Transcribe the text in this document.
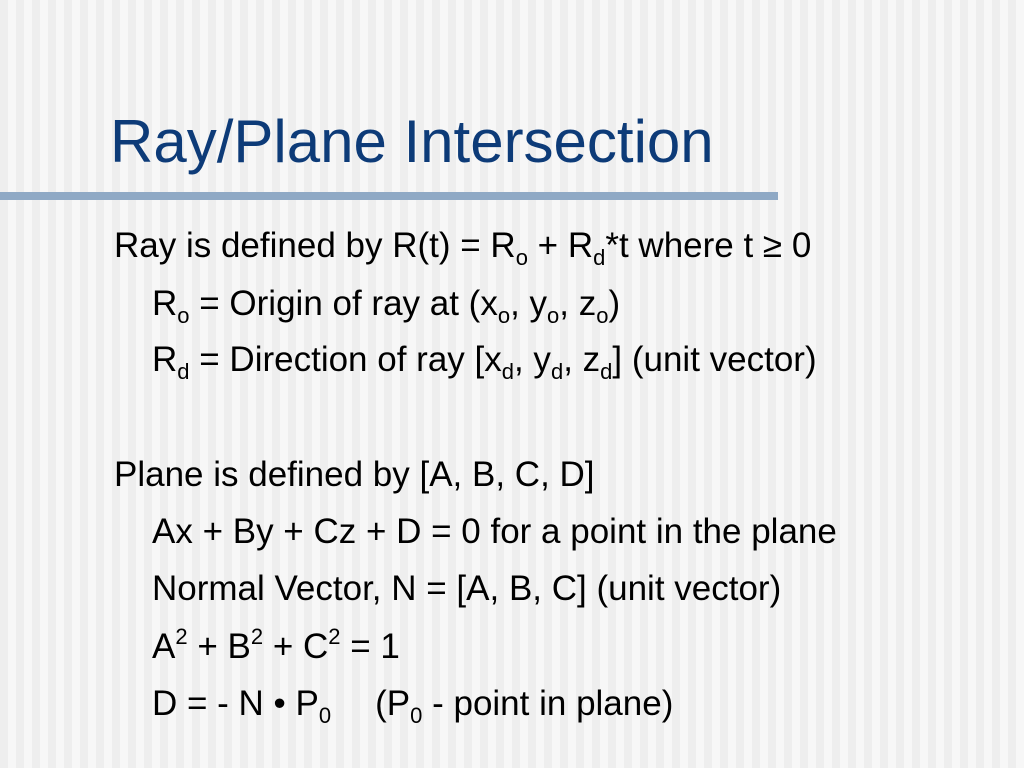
Ray/Plane Intersection
Ray is defined by $R(t) = R_o + R_d*t$ where t ≥ 0
$R_o$ = Origin of ray at ($x_o$, $y_o$, $z_o$)
$R_d$ = Direction of ray [$x_d$, $y_d$, $z_d$] (unit vector)
Plane is defined by [A, B, C, D]
Ax + By + Cz + D = 0 for a point in the plane
Normal Vector, N = [A, B, C] (unit vector)
$A^2 + B^2 + C^2 = 1$
D = - N • $P_0$ ($P_0$ - point in plane)
